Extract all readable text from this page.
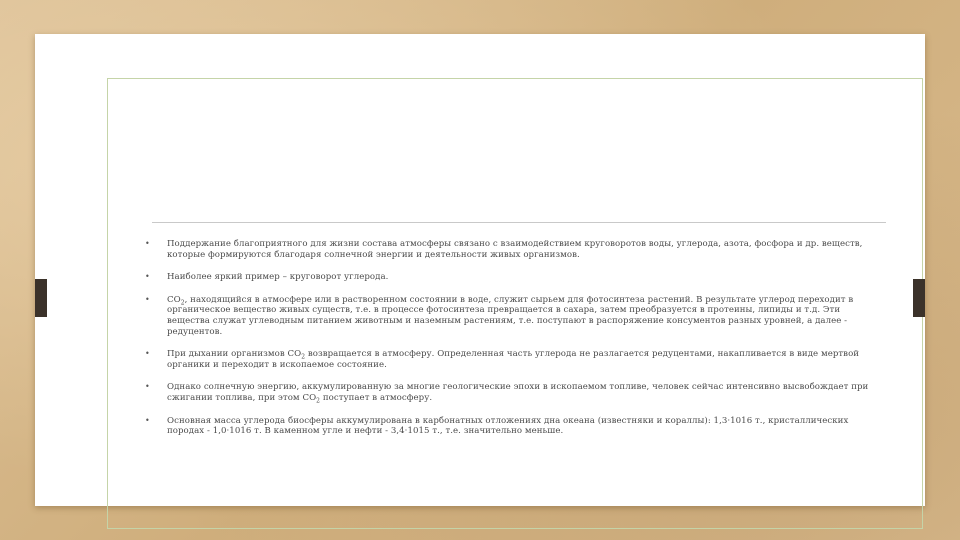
• Поддержание благоприятного для жизни состава атмосферы связано с взаимодействием круговоротов воды, углерода, азота, фосфора и др. веществ, которые формируются благодаря солнечной энергии и деятельности живых организмов.
• Наиболее яркий пример – круговорот углерода.
• $CO_2$, находящийся в атмосфере или в растворенном состоянии в воде, служит сырьем для фотосинтеза растений. В результате углерод переходит в органическое вещество живых существ, т.е. в процессе фотосинтеза превращается в сахара, затем преобразуется в протеины, липиды и т.д. Эти вещества служат углеводным питанием животным и наземным растениям, т.е. поступают в распоряжение консументов разных уровней, а далее - редуцентов.
• При дыхании организмов $СО_2$ возвращается в атмосферу. Определенная часть углерода не разлагается редуцентами, накапливается в виде мертвой органики и переходит в ископаемое состояние.
• Однако солнечную энергию, аккумулированную за многие геологические эпохи в ископаемом топливе, человек сейчас интенсивно высвобождает при сжигании топлива, при этом $СО_2$ поступает в атмосферу.
• Основная масса углерода биосферы аккумулирована в карбонатных отложениях дна океана (известняки и кораллы): 1,3·1016 т., кристаллических породах - 1,0·1016 т. В каменном угле и нефти - 3,4·1015 т., т.е. значительно меньше.
